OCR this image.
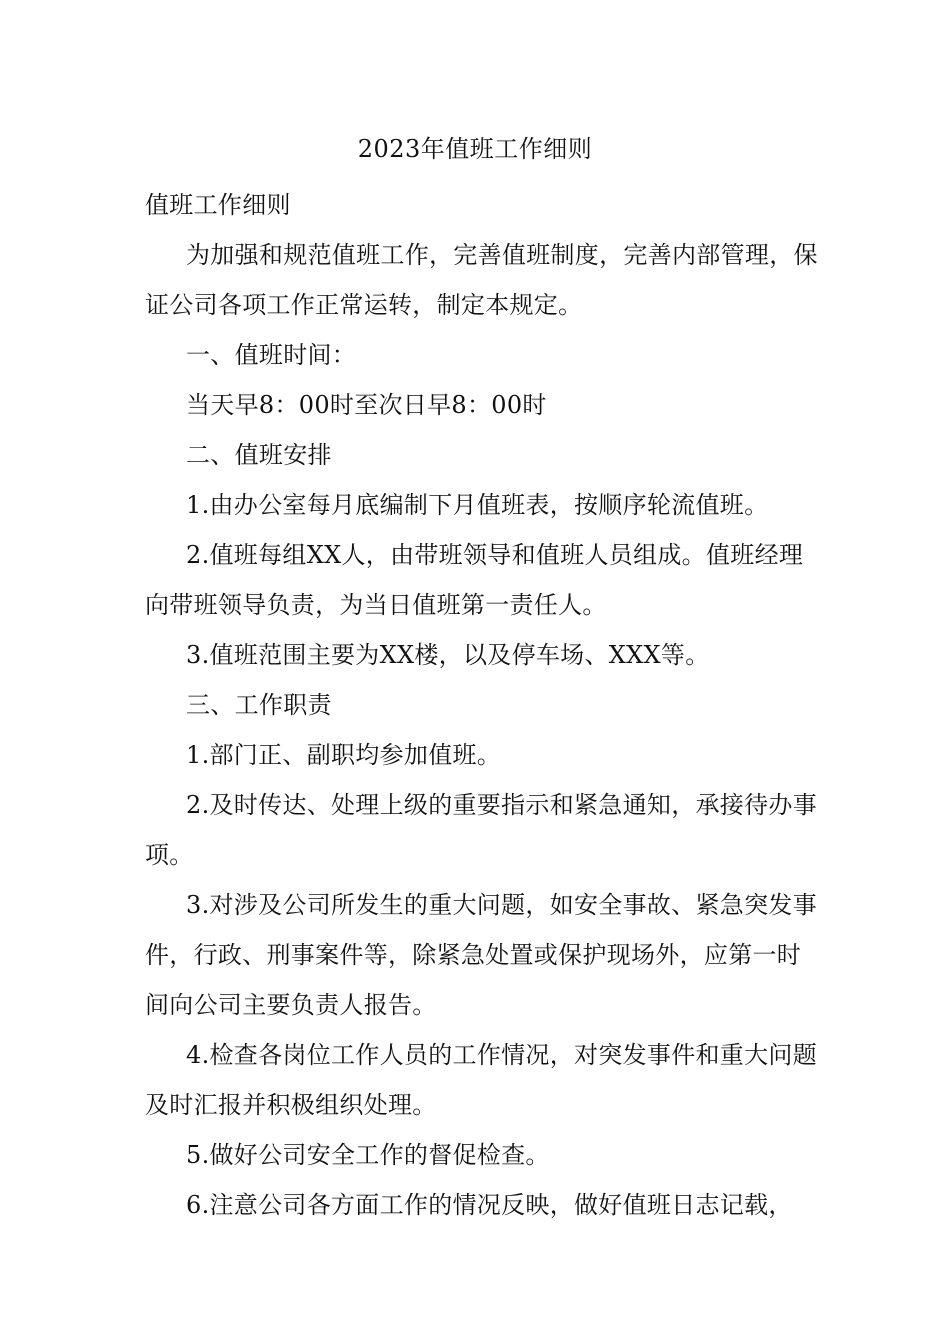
2023年值班工作细则

值班工作细则

为加强和规范值班工作，完善值班制度，完善内部管理，保证公司各项工作正常运转，制定本规定。

一、值班时间：

当天早8：00时至次日早8：00时

二、值班安排

1.由办公室每月底编制下月值班表，按顺序轮流值班。

2.值班每组XX人，由带班领导和值班人员组成。值班经理向带班领导负责，为当日值班第一责任人。

3.值班范围主要为XX楼，以及停车场、XXX等。

三、工作职责

1.部门正、副职均参加值班。

2.及时传达、处理上级的重要指示和紧急通知，承接待办事项。

3.对涉及公司所发生的重大问题，如安全事故、紧急突发事件，行政、刑事案件等，除紧急处置或保护现场外，应第一时间向公司主要负责人报告。

4.检查各岗位工作人员的工作情况，对突发事件和重大问题及时汇报并积极组织处理。

5.做好公司安全工作的督促检查。

6.注意公司各方面工作的情况反映，做好值班日志记载，
